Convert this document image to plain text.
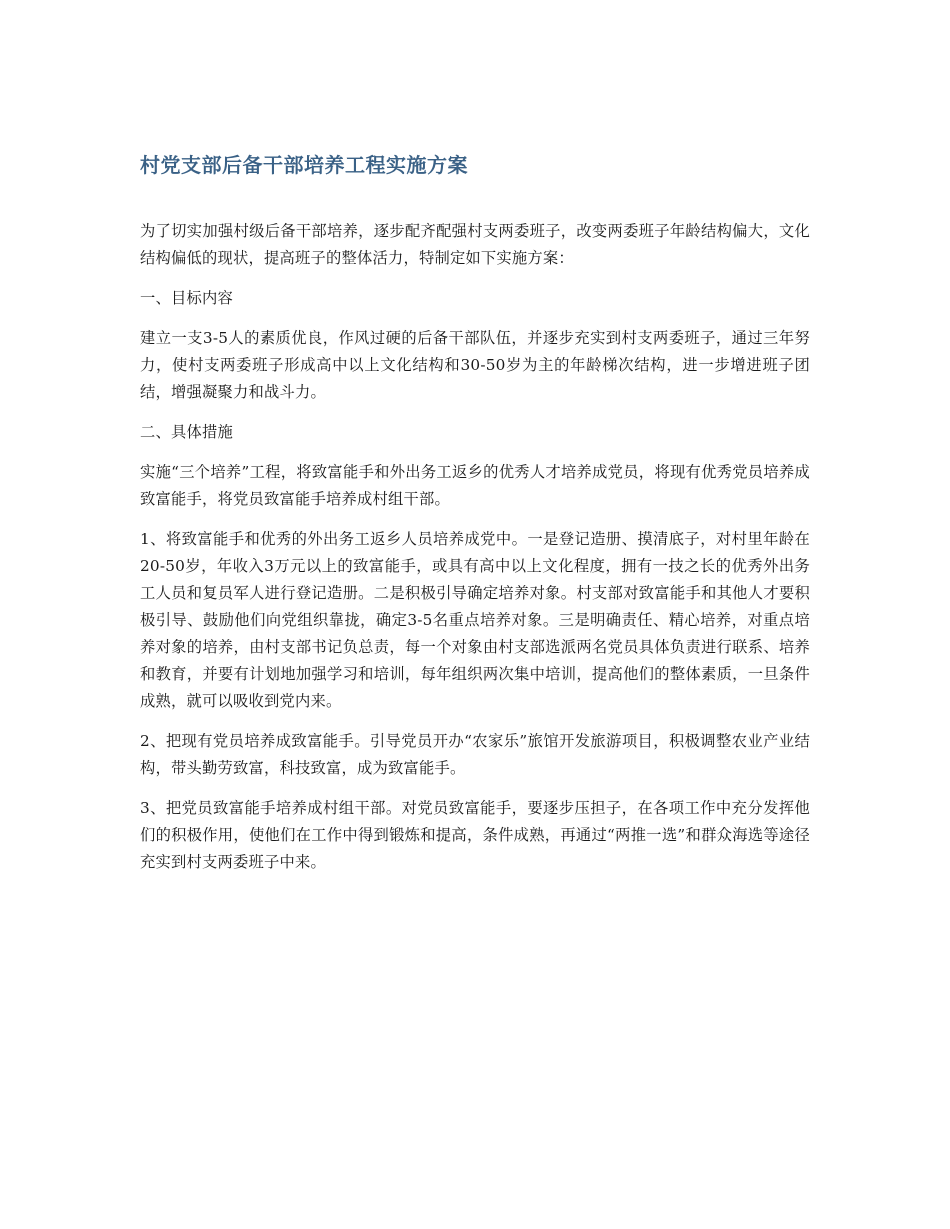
村党支部后备干部培养工程实施方案

为了切实加强村级后备干部培养，逐步配齐配强村支两委班子，改变两委班子年龄结构偏大，文化结构偏低的现状，提高班子的整体活力，特制定如下实施方案：

一、目标内容

建立一支3-5人的素质优良，作风过硬的后备干部队伍，并逐步充实到村支两委班子，通过三年努力，使村支两委班子形成高中以上文化结构和30-50岁为主的年龄梯次结构，进一步增进班子团结，增强凝聚力和战斗力。

二、具体措施

实施“三个培养”工程，将致富能手和外出务工返乡的优秀人才培养成党员，将现有优秀党员培养成致富能手，将党员致富能手培养成村组干部。

1、将致富能手和优秀的外出务工返乡人员培养成党中。一是登记造册、摸清底子，对村里年龄在20-50岁，年收入3万元以上的致富能手，或具有高中以上文化程度，拥有一技之长的优秀外出务工人员和复员军人进行登记造册。二是积极引导确定培养对象。村支部对致富能手和其他人才要积极引导、鼓励他们向党组织靠拢，确定3-5名重点培养对象。三是明确责任、精心培养，对重点培养对象的培养，由村支部书记负总责，每一个对象由村支部选派两名党员具体负责进行联系、培养和教育，并要有计划地加强学习和培训，每年组织两次集中培训，提高他们的整体素质，一旦条件成熟，就可以吸收到党内来。

2、把现有党员培养成致富能手。引导党员开办“农家乐”旅馆开发旅游项目，积极调整农业产业结构，带头勤劳致富，科技致富，成为致富能手。

3、把党员致富能手培养成村组干部。对党员致富能手，要逐步压担子，在各项工作中充分发挥他们的积极作用，使他们在工作中得到锻炼和提高，条件成熟，再通过“两推一选”和群众海选等途径充实到村支两委班子中来。
